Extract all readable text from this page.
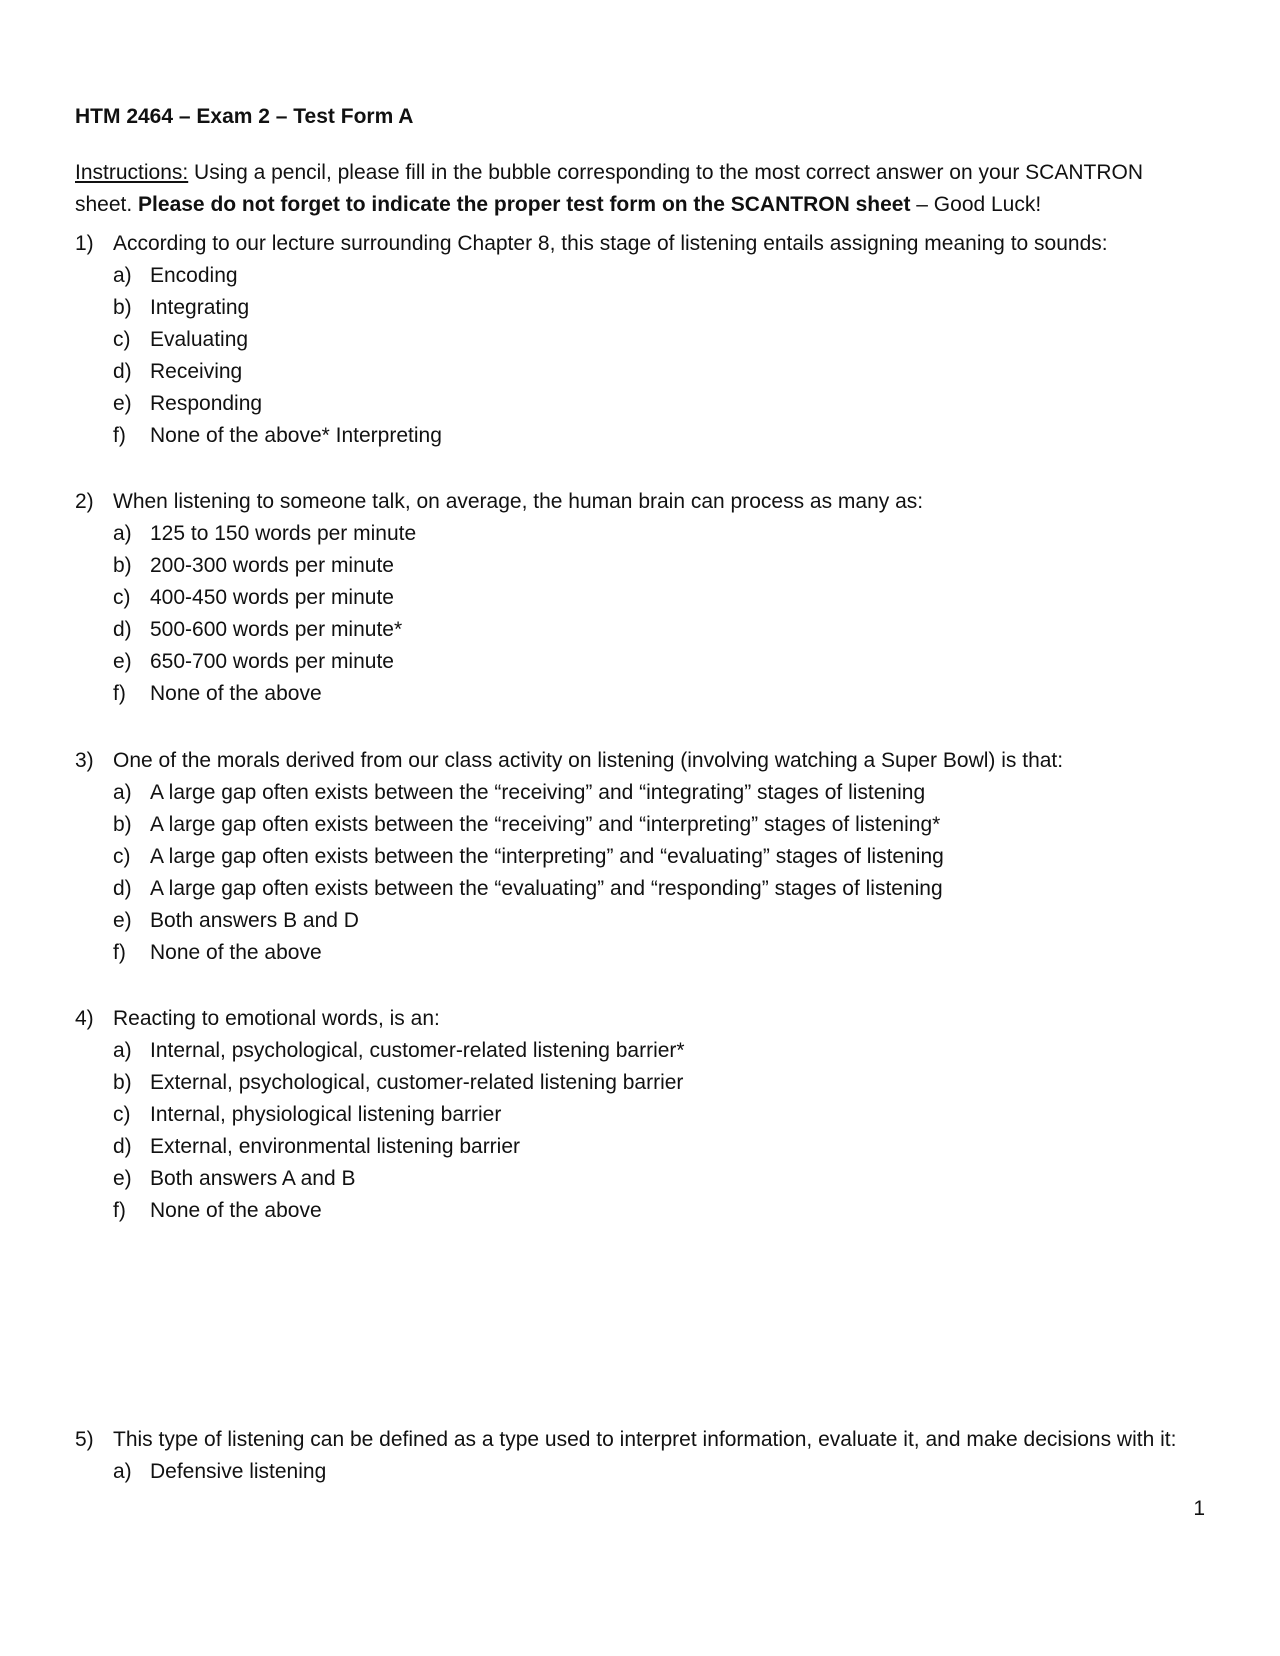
HTM 2464 – Exam 2 – Test Form A
Instructions: Using a pencil, please fill in the bubble corresponding to the most correct answer on your SCANTRON sheet. Please do not forget to indicate the proper test form on the SCANTRON sheet – Good Luck!
1) According to our lecture surrounding Chapter 8, this stage of listening entails assigning meaning to sounds:
a) Encoding
b) Integrating
c) Evaluating
d) Receiving
e) Responding
f) None of the above* Interpreting
2) When listening to someone talk, on average, the human brain can process as many as:
a) 125 to 150 words per minute
b) 200-300 words per minute
c) 400-450 words per minute
d) 500-600 words per minute*
e) 650-700 words per minute
f) None of the above
3) One of the morals derived from our class activity on listening (involving watching a Super Bowl) is that:
a) A large gap often exists between the “receiving” and “integrating” stages of listening
b) A large gap often exists between the “receiving” and “interpreting” stages of listening*
c) A large gap often exists between the “interpreting” and “evaluating” stages of listening
d) A large gap often exists between the “evaluating” and “responding” stages of listening
e) Both answers B and D
f) None of the above
4) Reacting to emotional words, is an:
a) Internal, psychological, customer-related listening barrier*
b) External, psychological, customer-related listening barrier
c) Internal, physiological listening barrier
d) External, environmental listening barrier
e) Both answers A and B
f) None of the above
5) This type of listening can be defined as a type used to interpret information, evaluate it, and make decisions with it:
a) Defensive listening
1
